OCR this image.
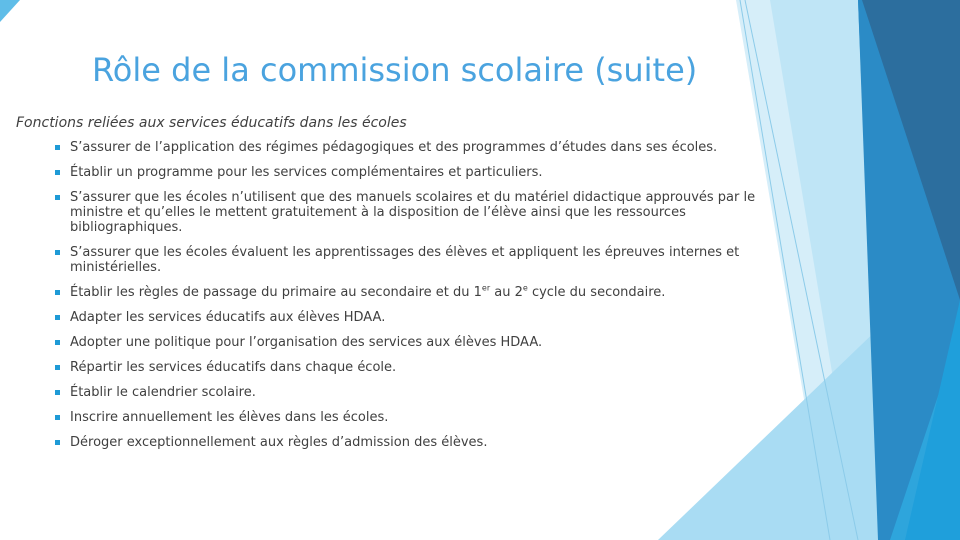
Rôle de la commission scolaire (suite)

Fonctions reliées aux services éducatifs dans les écoles

S’assurer de l’application des régimes pédagogiques et des programmes d’études dans ses écoles.
Établir un programme pour les services complémentaires et particuliers.
S’assurer que les écoles n’utilisent que des manuels scolaires et du matériel didactique approuvés par le ministre et qu’elles le mettent gratuitement à la disposition de l’élève ainsi que les ressources bibliographiques.
S’assurer que les écoles évaluent les apprentissages des élèves et appliquent les épreuves internes et ministérielles.
Établir les règles de passage du primaire au secondaire et du 1er au 2e cycle du secondaire.
Adapter les services éducatifs aux élèves HDAA.
Adopter une politique pour l’organisation des services aux élèves HDAA.
Répartir les services éducatifs dans chaque école.
Établir le calendrier scolaire.
Inscrire annuellement les élèves dans les écoles.
Déroger exceptionnellement aux règles d’admission des élèves.
